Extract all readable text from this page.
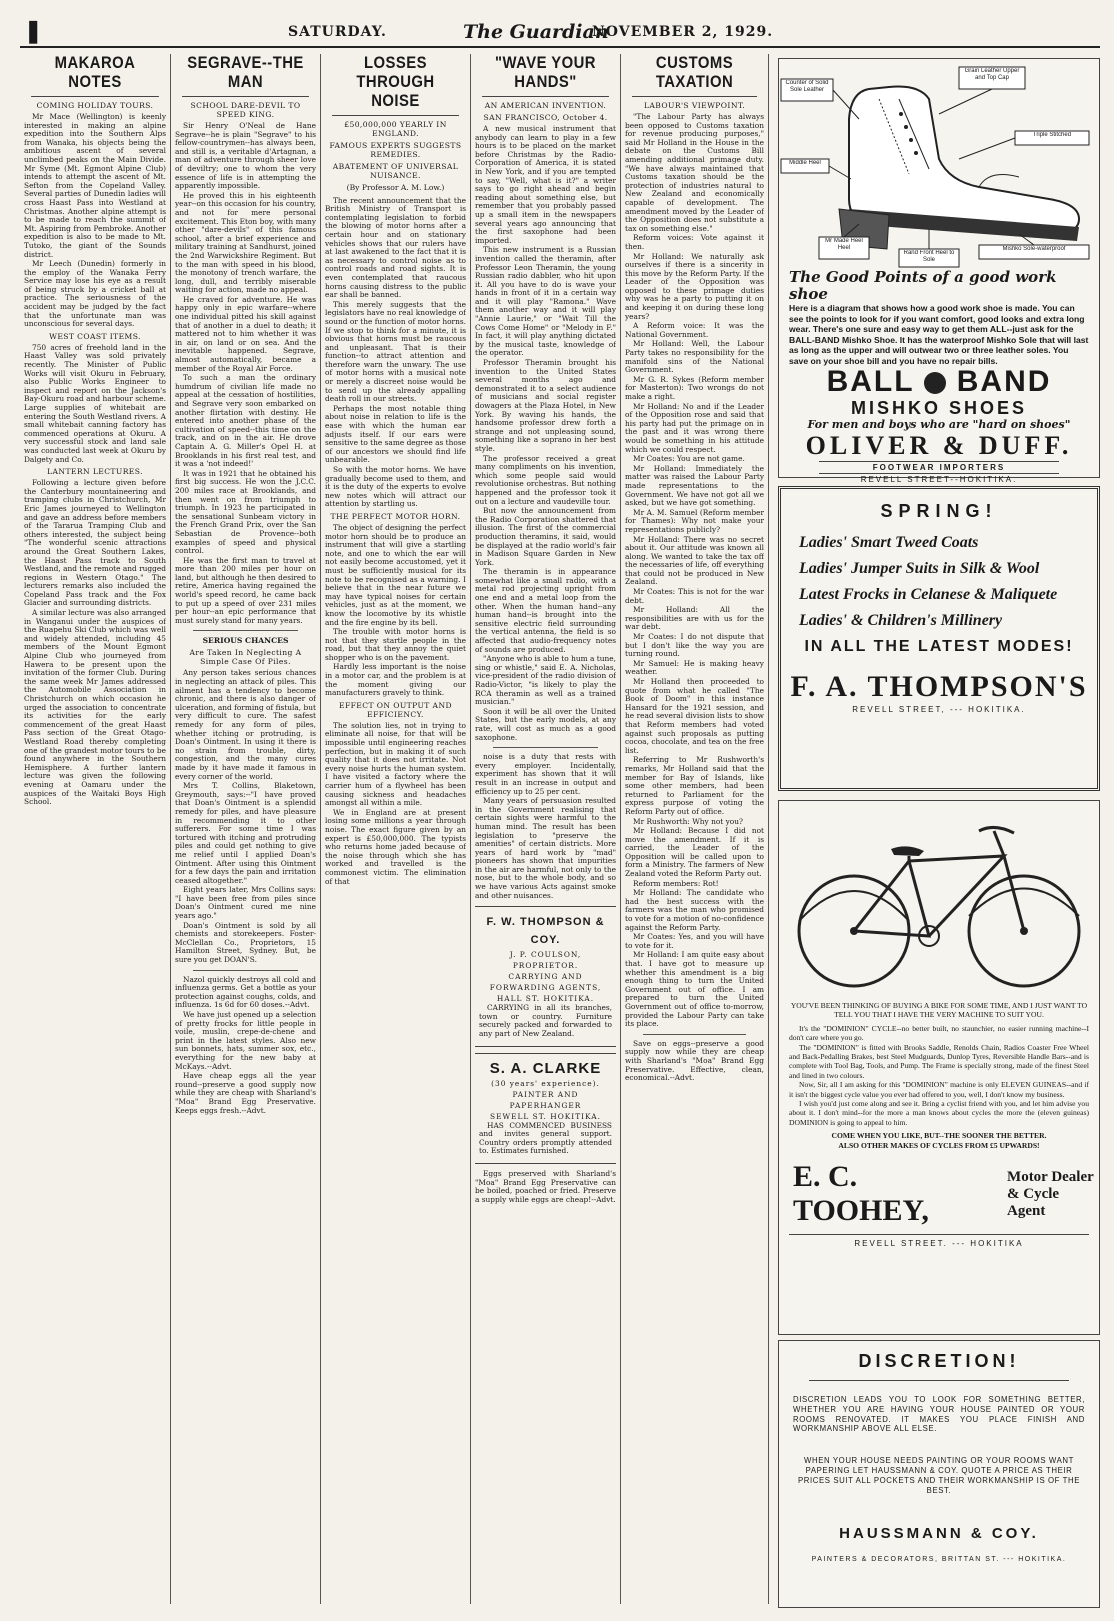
❚	SATURDAY.	The Guardian
NOVEMBER 2, 1929.
MAKAROA NOTES
COMING HOLIDAY TOURS.

Mr Mace (Wellington) is keenly interested in making an alpine expedition into the Southern Alps from Wanaka, his objects being the ambitious ascent of several unclimbed peaks on the Main Divide. Mr Syme (Mt. Egmont Alpine Club) intends to attempt the ascent of Mt. Sefton from the Copeland Valley. Several parties of Dunedin ladies will cross Haast Pass into Westland at Christmas. Another alpine attempt is to be made to reach the summit of Mt. Aspiring from Pembroke. Another expedition is also to be made to Mt. Tutoko, the giant of the Sounds district.

Mr Leech (Dunedin) formerly in the employ of the Wanaka Ferry Service may lose his eye as a result of being struck by a cricket ball at practice. The seriousness of the accident may be judged by the fact that the unfortunate man was unconscious for several days.

WEST COAST ITEMS.

750 acres of freehold land in the Haast Valley was sold privately recently. The Minister of Public Works will visit Okuru in February, also Public Works Engineer to inspect and report on the Jackson's Bay-Okuru road and harbour scheme. Large supplies of whitebait are entering the South Westland rivers. A small whitebait canning factory has commenced operations at Okuru. A very successful stock and land sale was conducted last week at Okuru by Dalgety and Co.

LANTERN LECTURES.

Following a lecture given before the Canterbury mountaineering and tramping clubs in Christchurch, Mr Eric James journeyed to Wellington and gave an address before members of the Tararua Tramping Club and others interested, the subject being "The wonderful scenic attractions around the Great Southern Lakes, the Haast Pass track to South Westland, and the remote and rugged regions in Western Otago." The lecturers remarks also included the Copeland Pass track and the Fox Glacier and surrounding districts.

A similar lecture was also arranged in Wanganui under the auspices of the Ruapehu Ski Club which was well and widely attended, including 45 members of the Mount Egmont Alpine Club who journeyed from Hawera to be present upon the invitation of the former Club. During the same week Mr James addressed the Automobile Association in Christchurch on which occasion he urged the association to concentrate its activities for the early commencement of the great Haast Pass section of the Great Otago-Westland Road thereby completing one of the grandest motor tours to be found anywhere in the Southern Hemisphere. A further lantern lecture was given the following evening at Oamaru under the auspices of the Waitaki Boys High School.

SEGRAVE--THE MAN
SCHOOL DARE-DEVIL TO SPEED KING.

Sir Henry O'Neal de Hane Segrave--he is plain "Segrave" to his fellow-countrymen--has always been, and still is, a veritable d'Artagnan, a man of adventure through sheer love of deviltry; one to whom the very essence of life is in attempting the apparently impossible.

He proved this in his eighteenth year--on this occasion for his country, and not for mere personal excitement. This Eton boy, with many other "dare-devils" of this famous school, after a brief experience and military training at Sandhurst, joined the 2nd Warwickshire Regiment. But to the man with speed in his blood, the monotony of trench warfare, the long, dull, and terribly miserable waiting for action, made no appeal.

He craved for adventure. He was happy only in epic warfare--where one individual pitted his skill against that of another in a duel to death; it mattered not to him whether it was in air, on land or on sea. And the inevitable happened. Segrave, almost automatically, became a member of the Royal Air Force.

To such a man the ordinary humdrum of civilian life made no appeal at the cessation of hostilities, and Segrave very soon embarked on another flirtation with destiny. He entered into another phase of the cultivation of speed--this time on the track, and on in the air. He drove Captain A. G. Miller's Opel H. at Brooklands in his first real test, and it was a 'not indeed!'

It was in 1921 that he obtained his first big success. He won the J.C.C. 200 miles race at Brooklands, and then went on from triumph to triumph. In 1923 he participated in the sensational Sunbeam victory in the French Grand Prix, over the San Sebastian de Provence--both examples of speed and physical control.

He was the first man to travel at more than 200 miles per hour on land, but although he then desired to retire, America having regained the world's speed record, he came back to put up a speed of over 231 miles per hour--an epic performance that must surely stand for many years.

SERIOUS CHANCES
Are Taken In Neglecting A Simple Case Of Piles.

Any person takes serious chances in neglecting an attack of piles. This ailment has a tendency to become chronic, and there is also danger of ulceration, and forming of fistula, but very difficult to cure. The safest remedy for any form of piles, whether itching or protruding, is Doan's Ointment. In using it there is no strain from trouble, dirty, congestion, and the many cures made by it have made it famous in every corner of the world.

Mrs T. Collins, Blaketown, Greymouth, says:--"I have proved that Doan's Ointment is a splendid remedy for piles, and have pleasure in recommending it to other sufferers. For some time I was tortured with itching and protruding piles and could get nothing to give me relief until I applied Doan's Ointment. After using this Ointment for a few days the pain and irritation ceased altogether."

Eight years later, Mrs Collins says: "I have been free from piles since Doan's Ointment cured me nine years ago."

Doan's Ointment is sold by all chemists and storekeepers. Foster-McClellan Co., Proprietors, 15 Hamilton Street, Sydney. But, be sure you get DOAN'S.

Nazol quickly destroys all cold and influenza germs. Get a bottle as your protection against coughs, colds, and influenza. 1s 6d for 60 doses.--Advt.

We have just opened up a selection of pretty frocks for little people in voile, muslin, crepe-de-chene and print in the latest styles. Also new sun bonnets, hats, summer sox, etc., everything for the new baby at McKays.--Advt.

Have cheap eggs all the year round--preserve a good supply now while they are cheap with Sharland's "Moa" Brand Egg Preservative. Keeps eggs fresh.--Advt.

LOSSES THROUGH NOISE
£50,000,000 YEARLY IN ENGLAND.
FAMOUS EXPERTS SUGGESTS REMEDIES.
ABATEMENT OF UNIVERSAL NUISANCE.
(By Professor A. M. Low.)

The recent announcement that the British Ministry of Transport is contemplating legislation to forbid the blowing of motor horns after a certain hour and on stationary vehicles shows that our rulers have at last awakened to the fact that it is as necessary to control noise as to control roads and road sights. It is even contemplated that raucous horns causing distress to the public ear shall be banned.

This merely suggests that the legislators have no real knowledge of sound or the function of motor horns. If we stop to think for a minute, it is obvious that horns must be raucous and unpleasant. That is their function--to attract attention and therefore warn the unwary. The use of motor horns with a musical note or merely a discreet noise would be to send up the already appalling death roll in our streets.

Perhaps the most notable thing about noise in relation to life is the ease with which the human ear adjusts itself. If our ears were sensitive to the same degree as those of our ancestors we should find life unbearable.

So with the motor horns. We have gradually become used to them, and it is the duty of the experts to evolve new notes which will attract our attention by startling us.

THE PERFECT MOTOR HORN.

The object of designing the perfect motor horn should be to produce an instrument that will give a startling note, and one to which the ear will not easily become accustomed, yet it must be sufficiently musical for its note to be recognised as a warning. I believe that in the near future we may have typical noises for certain vehicles, just as at the moment, we know the locomotive by its whistle and the fire engine by its bell.

The trouble with motor horns is not that they startle people in the road, but that they annoy the quiet shopper who is on the pavement.

Hardly less important is the noise in a motor car, and the problem is at the moment giving our manufacturers gravely to think.

EFFECT ON OUTPUT AND EFFICIENCY.

The solution lies, not in trying to eliminate all noise, for that will be impossible until engineering reaches perfection, but in making it of such quality that it does not irritate. Not every noise hurts the human system. I have visited a factory where the carrier hum of a flywheel has been causing sickness and headaches amongst all within a mile.

We in England are at present losing some millions a year through noise. The exact figure given by an expert is £50,000,000. The typists who returns home jaded because of the noise through which she has worked and travelled is the commonest victim. The elimination of that

"WAVE YOUR HANDS"
AN AMERICAN INVENTION.
SAN FRANCISCO, October 4.

A new musical instrument that anybody can learn to play in a few hours is to be placed on the market before Christmas by the Radio-Corporation of America, it is stated in New York, and if you are tempted to say, "Well, what is it?" a writer says to go right ahead and begin reading about something else, but remember that you probably passed up a small item in the newspapers several years ago announcing that the first saxophone had been imported.

This new instrument is a Russian invention called the theramin, after Professor Leon Theramin, the young Russian radio dabbler, who hit upon it. All you have to do is wave your hands in front of it in a certain way and it will play "Ramona." Wave them another way and it will play "Annie Laurie," or "Wait Till the Cows Come Home" or "Melody in F." In fact, it will play anything dictated by the musical taste, knowledge of the operator.

Professor Theramin brought his invention to the United States several months ago and demonstrated it to a select audience of musicians and social register dowagers at the Plaza Hotel, in New York. By waving his hands, the handsome professor drew forth a strange and not unpleasing sound, something like a soprano in her best style.

The professor received a great many compliments on his invention, which some people said would revolutionise orchestras. But nothing happened and the professor took it out on a lecture and vaudeville tour.

But now the announcement from the Radio Corporation shattered that illusion. The first of the commercial production theramins, it said, would be displayed at the radio world's fair in Madison Square Garden in New York.

The theramin is in appearance somewhat like a small radio, with a metal rod projecting upright from one end and a metal loop from the other. When the human hand--any human hand--is brought into the sensitive electric field surrounding the vertical antenna, the field is so affected that audio-frequency notes of sounds are produced.

"Anyone who is able to hum a tune, sing or whistle," said E. A. Nicholas, vice-president of the radio division of Radio-Victor, "is likely to play the RCA theramin as well as a trained musician."

Soon it will be all over the United States, but the early models, at any rate, will cost as much as a good saxophone.

noise is a duty that rests with every employer. Incidentally, experiment has shown that it will result in an increase in output and efficiency up to 25 per cent.

Many years of persuasion resulted in the Government realising that certain sights were harmful to the human mind. The result has been legislation to "preserve the amenities" of certain districts. More years of hard work by "mad" pioneers has shown that impurities in the air are harmful, not only to the nose, but to the whole body, and so we have various Acts against smoke and other nuisances.

F. W. THOMPSON & COY.
J. P. COULSON, PROPRIETOR.
CARRYING AND FORWARDING AGENTS, HALL ST. HOKITIKA.

CARRYING in all its branches, town or country. Furniture securely packed and forwarded to any part of New Zealand.

S. A. CLARKE
(30 years' experience).
PAINTER AND PAPERHANGER
SEWELL ST. HOKITIKA.

HAS COMMENCED BUSINESS and invites general support. Country orders promptly attended to. Estimates furnished.

Eggs preserved with Sharland's "Moa" Brand Egg Preservative can be boiled, poached or fried. Preserve a supply while eggs are cheap!--Advt.

CUSTOMS TAXATION
LABOUR'S VIEWPOINT.

"The Labour Party has always been opposed to Customs taxation for revenue producing purposes," said Mr Holland in the House in the debate on the Customs Bill amending additional primage duty. "We have always maintained that Customs taxation should be the protection of industries natural to New Zealand and economically capable of development. The amendment moved by the Leader of the Opposition does not substitute a tax on something else."

Reform voices: Vote against it then.

Mr Holland: We naturally ask ourselves if there is a sincerity in this move by the Reform Party. If the Leader of the Opposition was opposed to these primage duties why was he a party to putting it on and keeping it on during these long years?

A Reform voice: It was the National Government.

Mr Holland: Well, the Labour Party takes no responsibility for the manifold sins of the National Government.

Mr G. R. Sykes (Reform member for Masterton): Two wrongs do not make a right.

Mr Holland: No and if the Leader of the Opposition rose and said that his party had put the primage on in the past and it was wrong there would be something in his attitude which we could respect.

Mr Coates: You are not game.

Mr Holland: Immediately the matter was raised the Labour Party made representations to the Government. We have not got all we asked, but we have got something.

Mr A. M. Samuel (Reform member for Thames): Why not make your representations publicly?

Mr Holland: There was no secret about it. Our attitude was known all along. We wanted to take the tax off the necessaries of life, off everything that could not be produced in New Zealand.

Mr Coates: This is not for the war debt.

Mr Holland: All the responsibilities are with us for the war debt.

Mr Coates: I do not dispute that but I don't like the way you are turning round.

Mr Samuel: He is making heavy weather.

Mr Holland then proceeded to quote from what he called "The Book of Doom" in this instance Hansard for the 1921 session, and he read several division lists to show that Reform members had voted against such proposals as putting cocoa, chocolate, and tea on the free list.

Referring to Mr Rushworth's remarks, Mr Holland said that the member for Bay of Islands, like some other members, had been returned to Parliament for the express purpose of voting the Reform Party out of office.

Mr Rushworth: Why not you?

Mr Holland: Because I did not move the amendment. If it is carried, the Leader of the Opposition will be called upon to form a Ministry. The farmers of New Zealand voted the Reform Party out.

Reform members: Rot!

Mr Holland: The candidate who had the best success with the farmers was the man who promised to vote for a motion of no-confidence against the Reform Party.

Mr Coates: Yes, and you will have to vote for it.

Mr Holland: I am quite easy about that. I have got to measure up whether this amendment is a big enough thing to turn the United Government out of office. I am prepared to turn the United Government out of office to-morrow, provided the Labour Party can take its place.

Save on eggs--preserve a good supply now while they are cheap with Sharland's "Moa" Brand Egg Preservative. Effective, clean, economical.--Advt.

Counter of Solid Sole Leather
Grain Leather Upper and Top Cap
Triple Stitched
Middle Heel
Mr Made Heel Heel	Mishko Sole-waterproof
Rand Front Heel to Sole
The Good Points of a good work shoe
Here is a diagram that shows how a good work shoe is made. You can see the points to look for if you want comfort, good looks and extra long wear. There's one sure and easy way to get them ALL--just ask for the BALL-BAND Mishko Shoe. It has the waterproof Mishko Sole that will last as long as the upper and will outwear two or three leather soles. You save on your shoe bill and you have no repair bills.
BALL BAND
MISHKO SHOES
For men and boys who are "hard on shoes"
OLIVER & DUFF.
FOOTWEAR IMPORTERS
REVELL STREET--HOKITIKA.
SPRING!
Ladies' Smart Tweed Coats
Ladies' Jumper Suits in Silk & Wool
Latest Frocks in Celanese & Maliquete
Ladies' & Children's Millinery
IN ALL THE LATEST MODES!
F. A. THOMPSON'S
REVELL STREET, --- HOKITIKA.
YOU'VE BEEN THINKING OF BUYING A BIKE FOR SOME TIME, AND I JUST WANT TO TELL YOU THAT I HAVE THE VERY MACHINE TO SUIT YOU.
It's the "DOMINION" CYCLE--no better built, no staunchier, no easier running machine--I don't care where you go.
The "DOMINION" is fitted with Brooks Saddle, Renolds Chain, Radios Coaster Free Wheel and Back-Pedalling Brakes, best Steel Mudguards, Dunlop Tyres, Reversible Handle Bars--and is complete with Tool Bag, Tools, and Pump. The Frame is specially strong, made of the finest Steel and lined in two colours.
Now, Sir, all I am asking for this "DOMINION" machine is only ELEVEN GUINEAS--and if it isn't the biggest cycle value you ever had offered to you, well, I don't know my business.
I wish you'd just come along and see it. Bring a cyclist friend with you, and let him advise you about it. I don't mind--for the more a man knows about cycles the more the (eleven guineas) DOMINION is going to appeal to him.
COME WHEN YOU LIKE, BUT--THE SOONER THE BETTER.
ALSO OTHER MAKES OF CYCLES FROM £5 UPWARDS!
E. C. TOOHEY,
Motor Dealer
& Cycle Agent
REVELL STREET. --- HOKITIKA
DISCRETION!
DISCRETION LEADS YOU TO LOOK FOR SOMETHING BETTER, WHETHER YOU ARE HAVING YOUR HOUSE PAINTED OR YOUR ROOMS RENOVATED. IT MAKES YOU PLACE FINISH AND WORKMANSHIP ABOVE ALL ELSE.
WHEN YOUR HOUSE NEEDS PAINTING OR YOUR ROOMS WANT PAPERING LET HAUSSMANN & COY. QUOTE A PRICE AS THEIR PRICES SUIT ALL POCKETS AND THEIR WORKMANSHIP IS OF THE BEST.
HAUSSMANN & COY.
PAINTERS & DECORATORS, BRITTAN ST. --- HOKITIKA.
